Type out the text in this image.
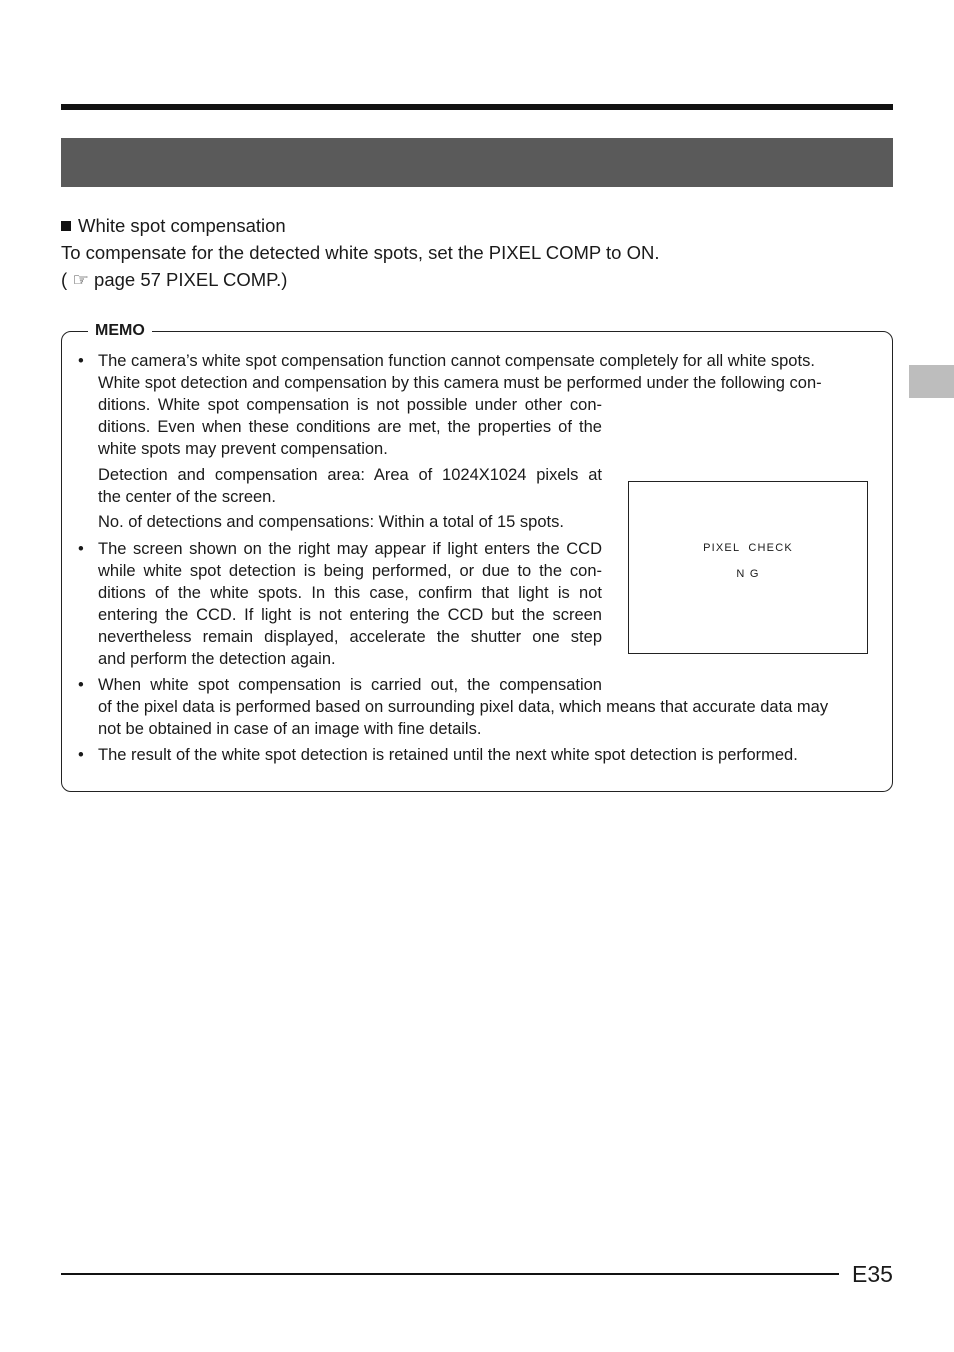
White spot compensation
To compensate for the detected white spots, set the PIXEL COMP to ON.
( ☞ page 57 PIXEL COMP.)
MEMO
•
•
•
•
The camera’s white spot compensation function cannot compensate completely for all white spots.
White spot detection and compensation by this camera must be performed under the following con-
ditions. White spot compensation is not possible under other con-
ditions. Even when these conditions are met, the properties of the
white spots may prevent compensation.
Detection and compensation area: Area of 1024X1024 pixels at
the center of the screen.
No. of detections and compensations: Within a total of 15 spots.
The screen shown on the right may appear if light enters the CCD
while white spot detection is being performed, or due to the con-
ditions of the white spots. In this case, confirm that light is not
entering the CCD. If light is not entering the CCD but the screen
nevertheless remain displayed, accelerate the shutter one step
and perform the detection again.
When white spot compensation is carried out, the compensation
of the pixel data is performed based on surrounding pixel data, which means that accurate data may
not be obtained in case of an image with fine details.
The result of the white spot detection is retained until the next white spot detection is performed.
PIXEL  CHECK
N G
E35
